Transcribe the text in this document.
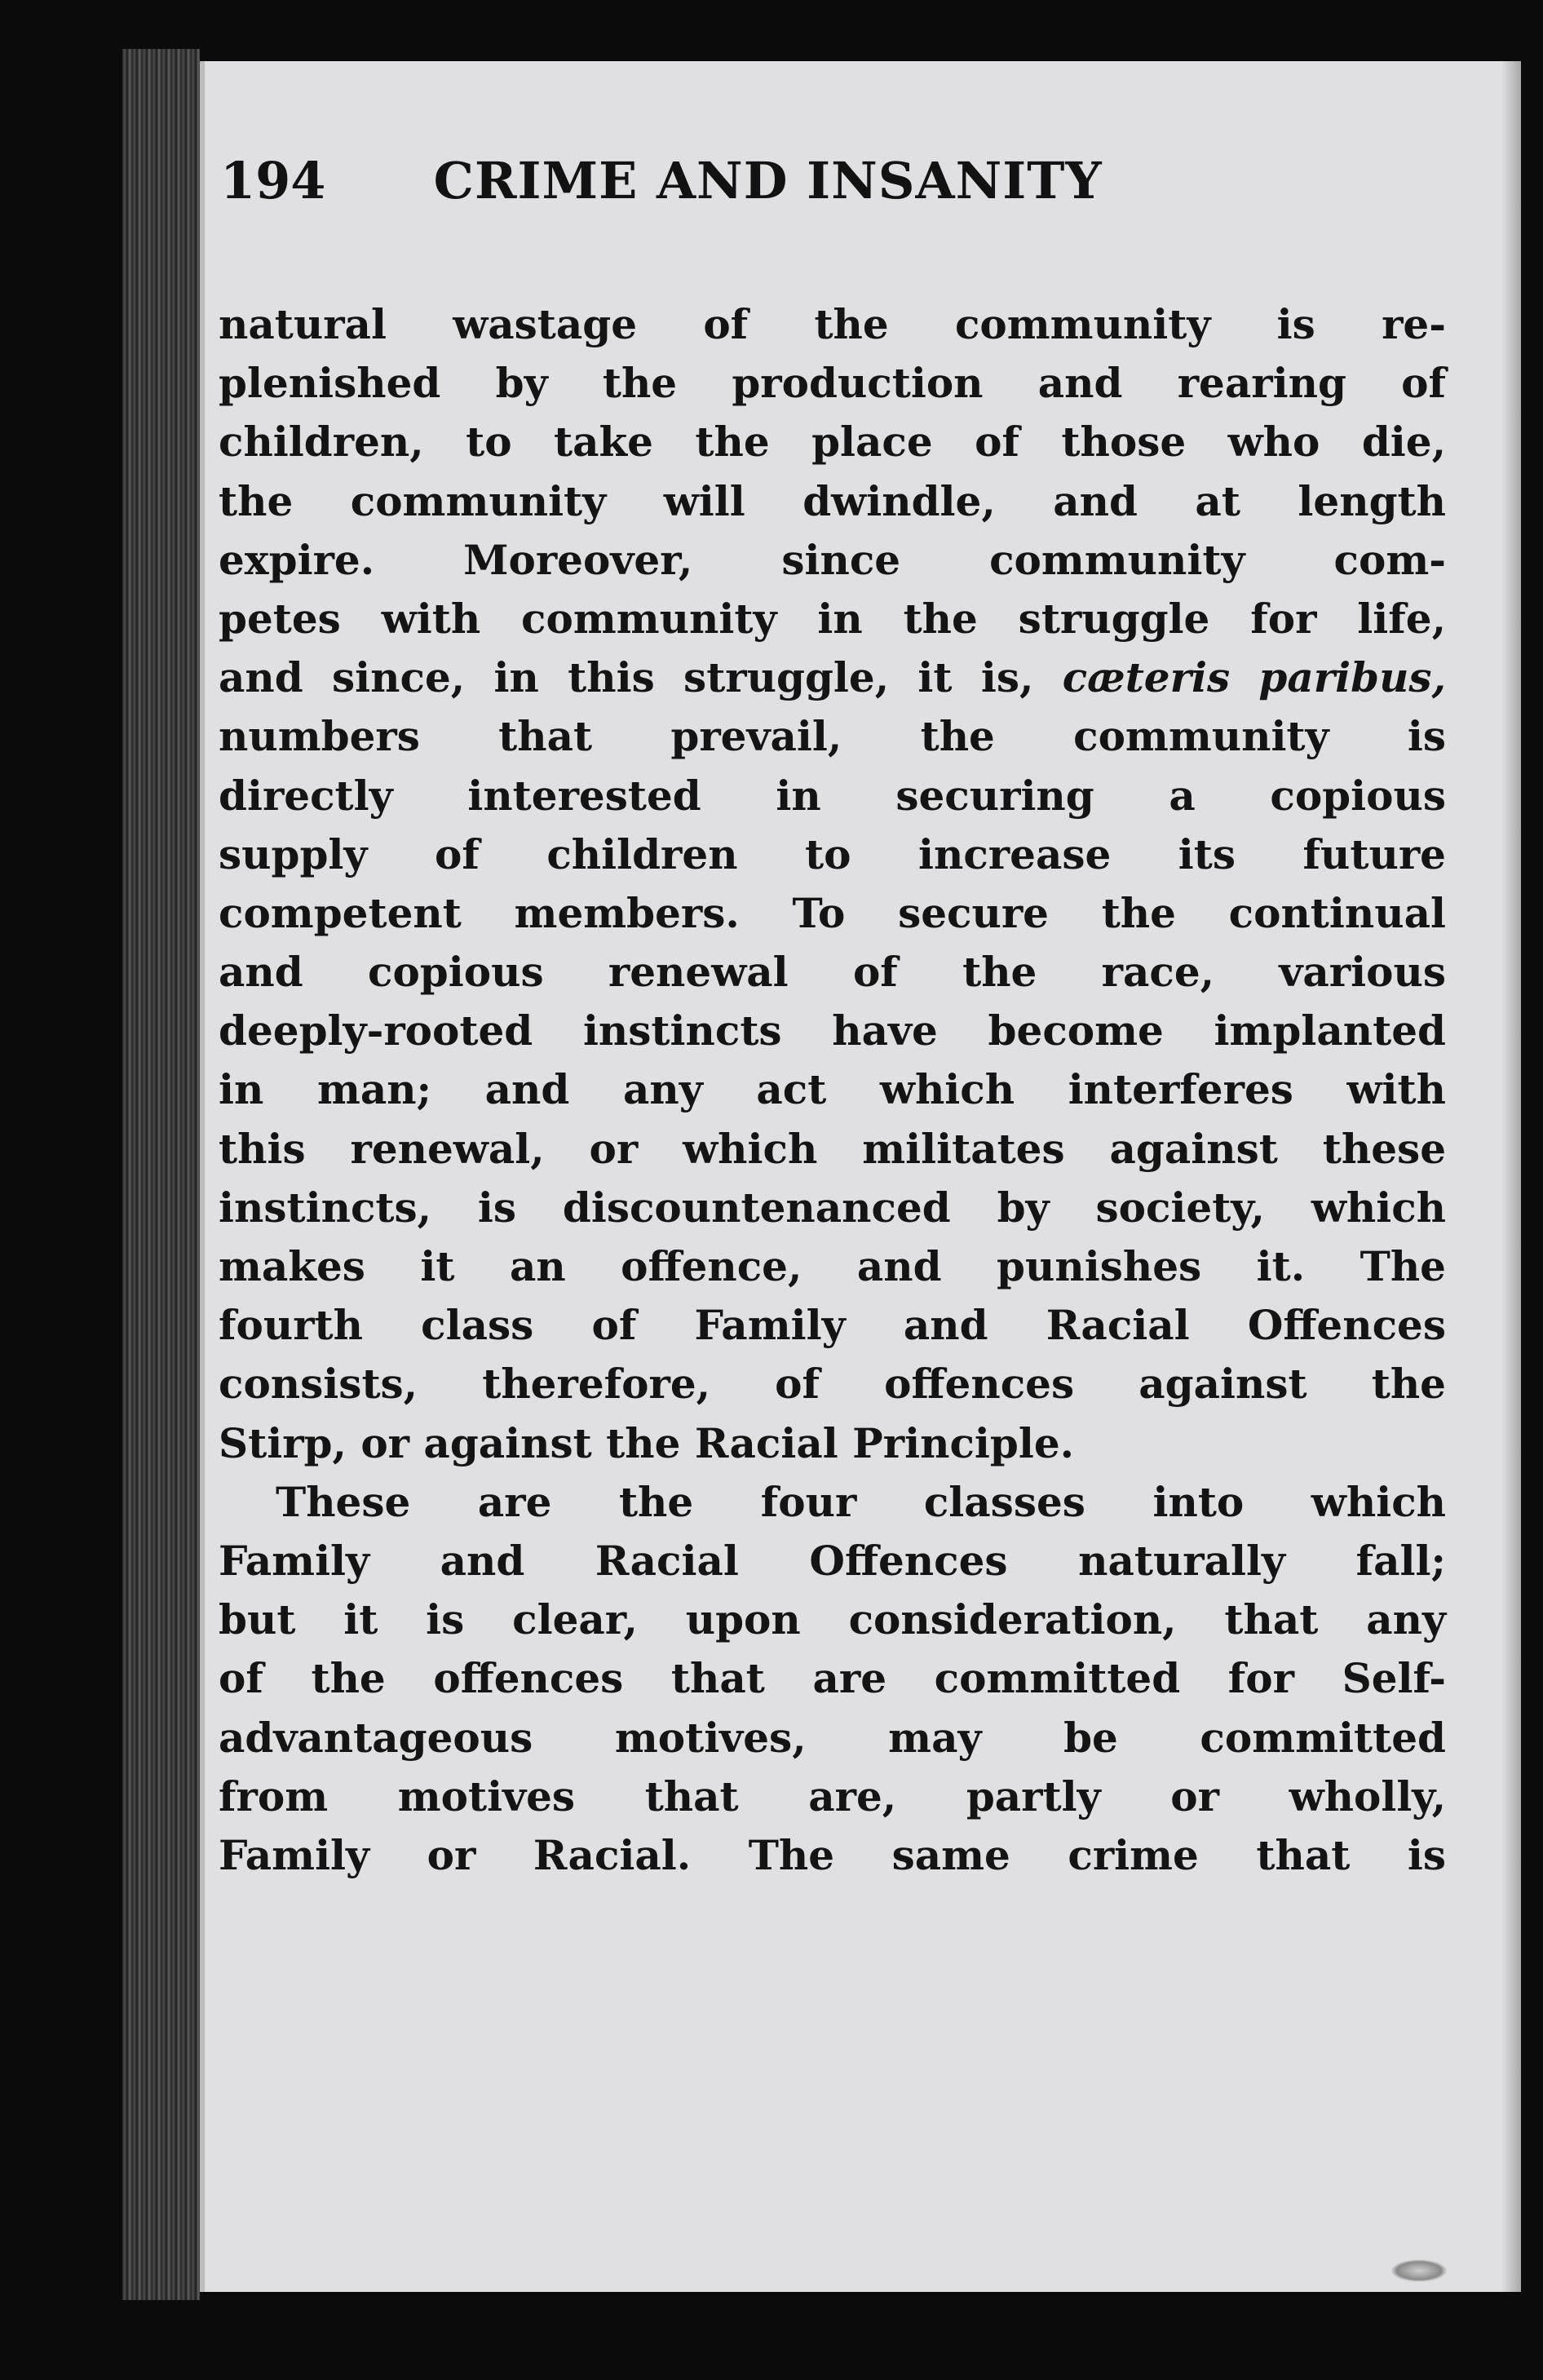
194 CRIME AND INSANITY
natural wastage of the community is re-
plenished by the production and rearing of
children, to take the place of those who die,
the community will dwindle, and at length
expire. Moreover, since community com-
petes with community in the struggle for life,
and since, in this struggle, it is, cæteris paribus,
numbers that prevail, the community is
directly interested in securing a copious
supply of children to increase its future
competent members. To secure the continual
and copious renewal of the race, various
deeply-rooted instincts have become implanted
in man; and any act which interferes with
this renewal, or which militates against these
instincts, is discountenanced by society, which
makes it an offence, and punishes it. The
fourth class of Family and Racial Offences
consists, therefore, of offences against the
Stirp, or against the Racial Principle.
These are the four classes into which
Family and Racial Offences naturally fall;
but it is clear, upon consideration, that any
of the offences that are committed for Self-
advantageous motives, may be committed
from motives that are, partly or wholly,
Family or Racial. The same crime that is
